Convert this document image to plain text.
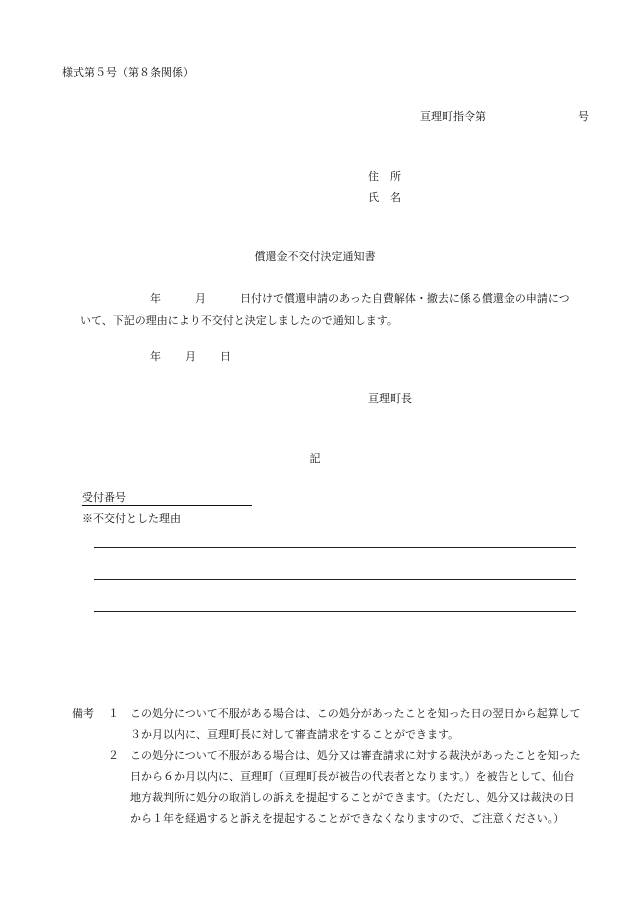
様式第５号（第８条関係）
亘理町指令第	号
住　所
氏　名
償還金不交付決定通知書
年	月	日付けで償還申請のあった自費解体・撤去に係る償還金の申請について、下記の理由により不交付と決定しましたので通知します。
年 月 日
亘理町長
記
受付番号
※不交付とした理由
備考 １ この処分について不服がある場合は、この処分があったことを知った日の翌日から起算して３か月以内に、亘理町長に対して審査請求をすることができます。
２ この処分について不服がある場合は、処分又は審査請求に対する裁決があったことを知った日から６か月以内に、亘理町（亘理町長が被告の代表者となります。）を被告として、仙台地方裁判所に処分の取消しの訴えを提起することができます。（ただし、処分又は裁決の日から１年を経過すると訴えを提起することができなくなりますので、ご注意ください。）
